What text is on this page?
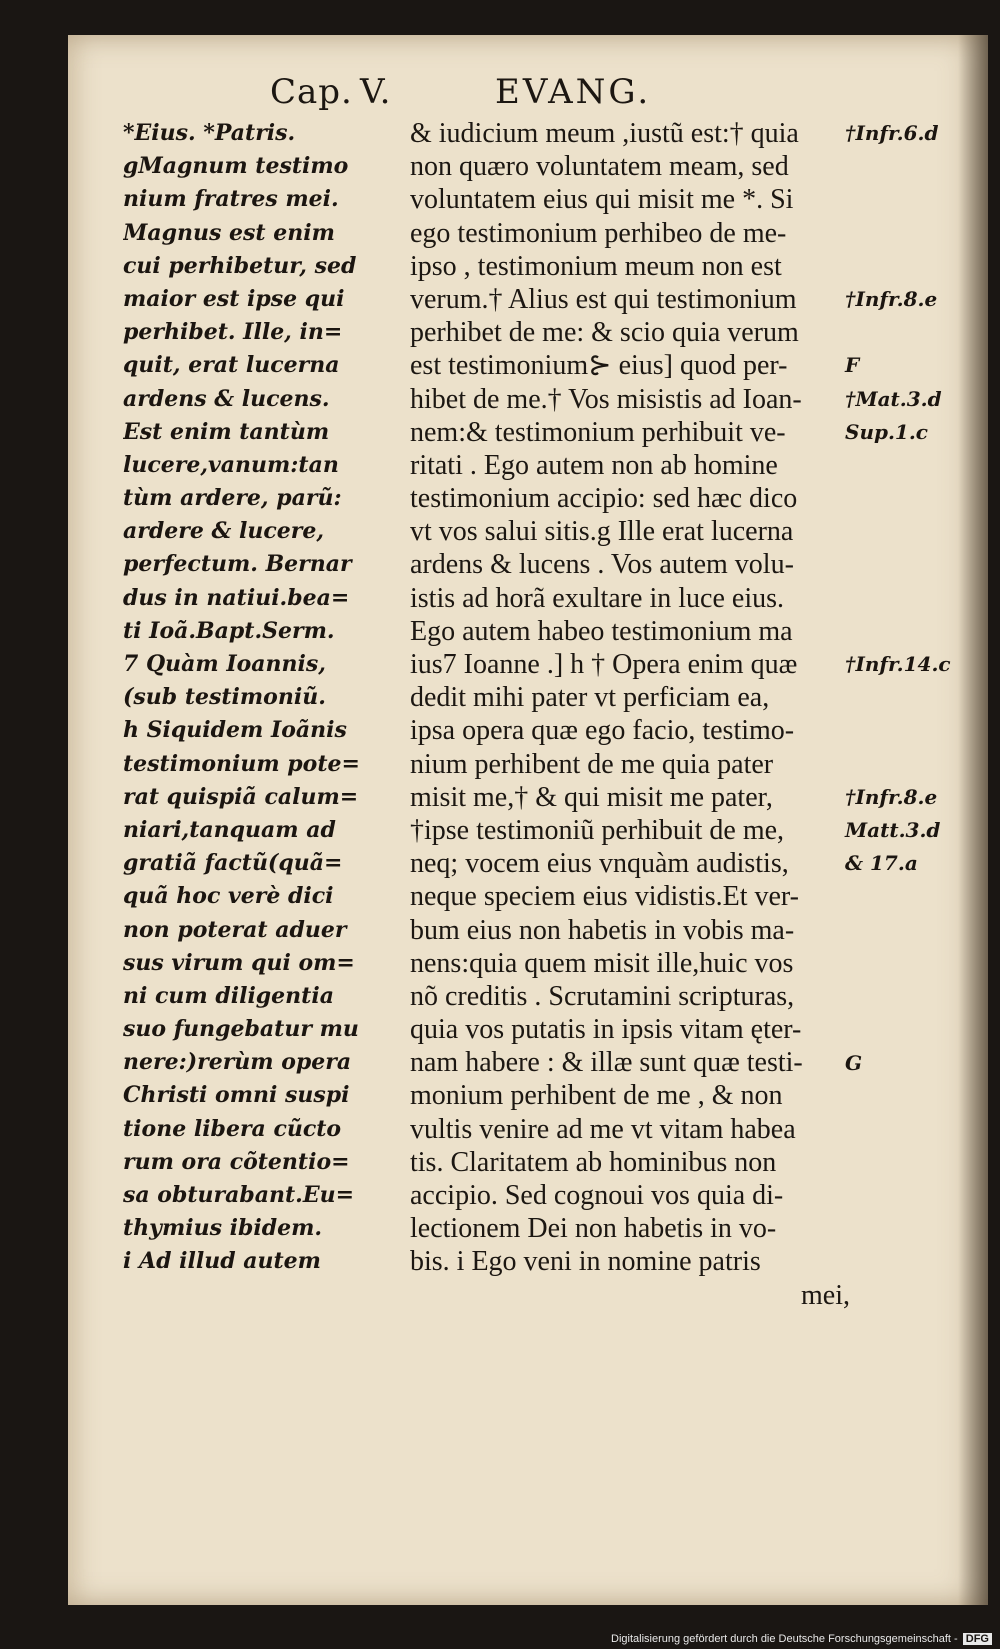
Cap. V.	EVANG.
*Eius. *Patris.
gMagnum testimo
nium fratres mei.
Magnus est enim
cui perhibetur, sed
maior est ipse qui
perhibet. Ille, in=
quit, erat lucerna
ardens & lucens.
Est enim tantùm
lucere,vanum:tan
tùm ardere, parũ:
ardere & lucere,
perfectum. Bernar
dus in natiui.bea=
ti Ioã.Bapt.Serm.
7 Quàm Ioannis,
(sub testimoniũ.
h Siquidem Ioãnis
testimonium pote=
rat quispiã calum=
niari,tanquam ad
gratiã factũ(quã=
quã hoc verè dici
non poterat aduer
sus virum qui om=
ni cum diligentia
suo fungebatur mu
nere:)rerùm opera
Christi omni suspi
tione libera cũcto
rum ora cõtentio=
sa obturabant.Eu=
thymius ibidem.
i Ad illud autem
& iudicium meum ,iustũ est:† quia
non quæro voluntatem meam, sed
voluntatem eius qui misit me *. Si
ego testimonium perhibeo de me-
ipso , testimonium meum non est
verum.† Alius est qui testimonium
perhibet de me: & scio quia verum
est testimonium⊱ eius] quod per-
hibet de me.† Vos misistis ad Ioan-
nem:& testimonium perhibuit ve-
ritati . Ego autem non ab homine
testimonium accipio: sed hæc dico
vt vos salui sitis.g Ille erat lucerna
ardens & lucens . Vos autem volu-
istis ad horã exultare in luce eius.
Ego autem habeo testimonium ma
ius7 Ioanne .] h † Opera enim quæ
dedit mihi pater vt perficiam ea,
ipsa opera quæ ego facio, testimo-
nium perhibent de me quia pater
misit me,† & qui misit me pater,
†ipse testimoniũ perhibuit de me,
neq; vocem eius vnquàm audistis,
neque speciem eius vidistis.Et ver-
bum eius non habetis in vobis ma-
nens:quia quem misit ille,huic vos
nõ creditis . Scrutamini scripturas,
quia vos putatis in ipsis vitam ęter-
nam habere : & illæ sunt quæ testi-
monium perhibent de me , & non
vultis venire ad me vt vitam habea
tis. Claritatem ab hominibus non
accipio. Sed cognoui vos quia di-
lectionem Dei non habetis in vo-
bis. i Ego veni in nomine patris
mei,
†Infr.6.d
†Infr.8.e
F
†Mat.3.d
Sup.1.c
†Infr.14.c
†Infr.8.e
Matt.3.d
& 17.a
G
Digitalisierung gefördert durch die Deutsche Forschungsgemeinschaft - DFG
